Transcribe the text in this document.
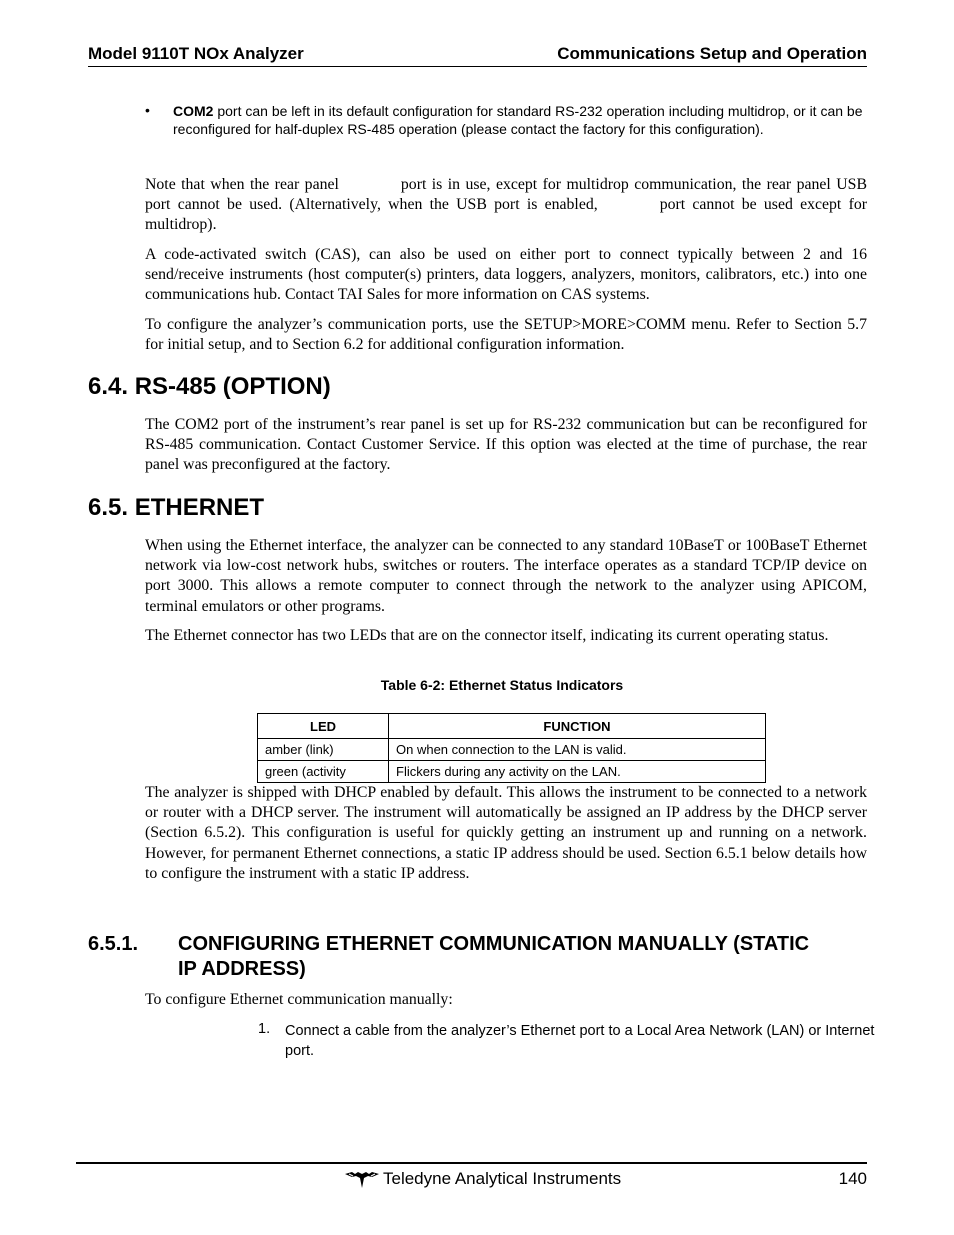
Model 9110T NOx Analyzer	Communications Setup and Operation
• COM2 port can be left in its default configuration for standard RS-232 operation including multidrop, or it can be reconfigured for half-duplex RS-485 operation (please contact the factory for this configuration).

Note that when the rear panel	port is in use, except for multidrop communication, the rear panel USB port cannot be used. (Alternatively, when the USB port is enabled,	port cannot be used except for multidrop).

A code-activated switch (CAS), can also be used on either port to connect typically between 2 and 16 send/receive instruments (host computer(s) printers, data loggers, analyzers, monitors, calibrators, etc.) into one communications hub. Contact TAI Sales for more information on CAS systems.

To configure the analyzer’s communication ports, use the SETUP>MORE>COMM menu. Refer to Section 5.7 for initial setup, and to Section 6.2 for additional configuration information.

6.4. RS-485 (OPTION)

The COM2 port of the instrument’s rear panel is set up for RS-232 communication but can be reconfigured for RS-485 communication. Contact Customer Service. If this option was elected at the time of purchase, the rear panel was preconfigured at the factory.

6.5. ETHERNET

When using the Ethernet interface, the analyzer can be connected to any standard 10BaseT or 100BaseT Ethernet network via low-cost network hubs, switches or routers. The interface operates as a standard TCP/IP device on port 3000. This allows a remote computer to connect through the network to the analyzer using APICOM, terminal emulators or other programs.

The Ethernet connector has two LEDs that are on the connector itself, indicating its current operating status.

Table 6-2: Ethernet Status Indicators
LED	FUNCTION
amber (link)	On when connection to the LAN is valid.
green (activity	Flickers during any activity on the LAN.

The analyzer is shipped with DHCP enabled by default. This allows the instrument to be connected to a network or router with a DHCP server. The instrument will automatically be assigned an IP address by the DHCP server (Section 6.5.2). This configuration is useful for quickly getting an instrument up and running on a network. However, for permanent Ethernet connections, a static IP address should be used. Section 6.5.1 below details how to configure the instrument with a static IP address.

6.5.1. CONFIGURING ETHERNET COMMUNICATION MANUALLY (STATIC
IP ADDRESS)

To configure Ethernet communication manually:

1. Connect a cable from the analyzer’s Ethernet port to a Local Area Network (LAN) or Internet port.
Teledyne Analytical Instruments	140
